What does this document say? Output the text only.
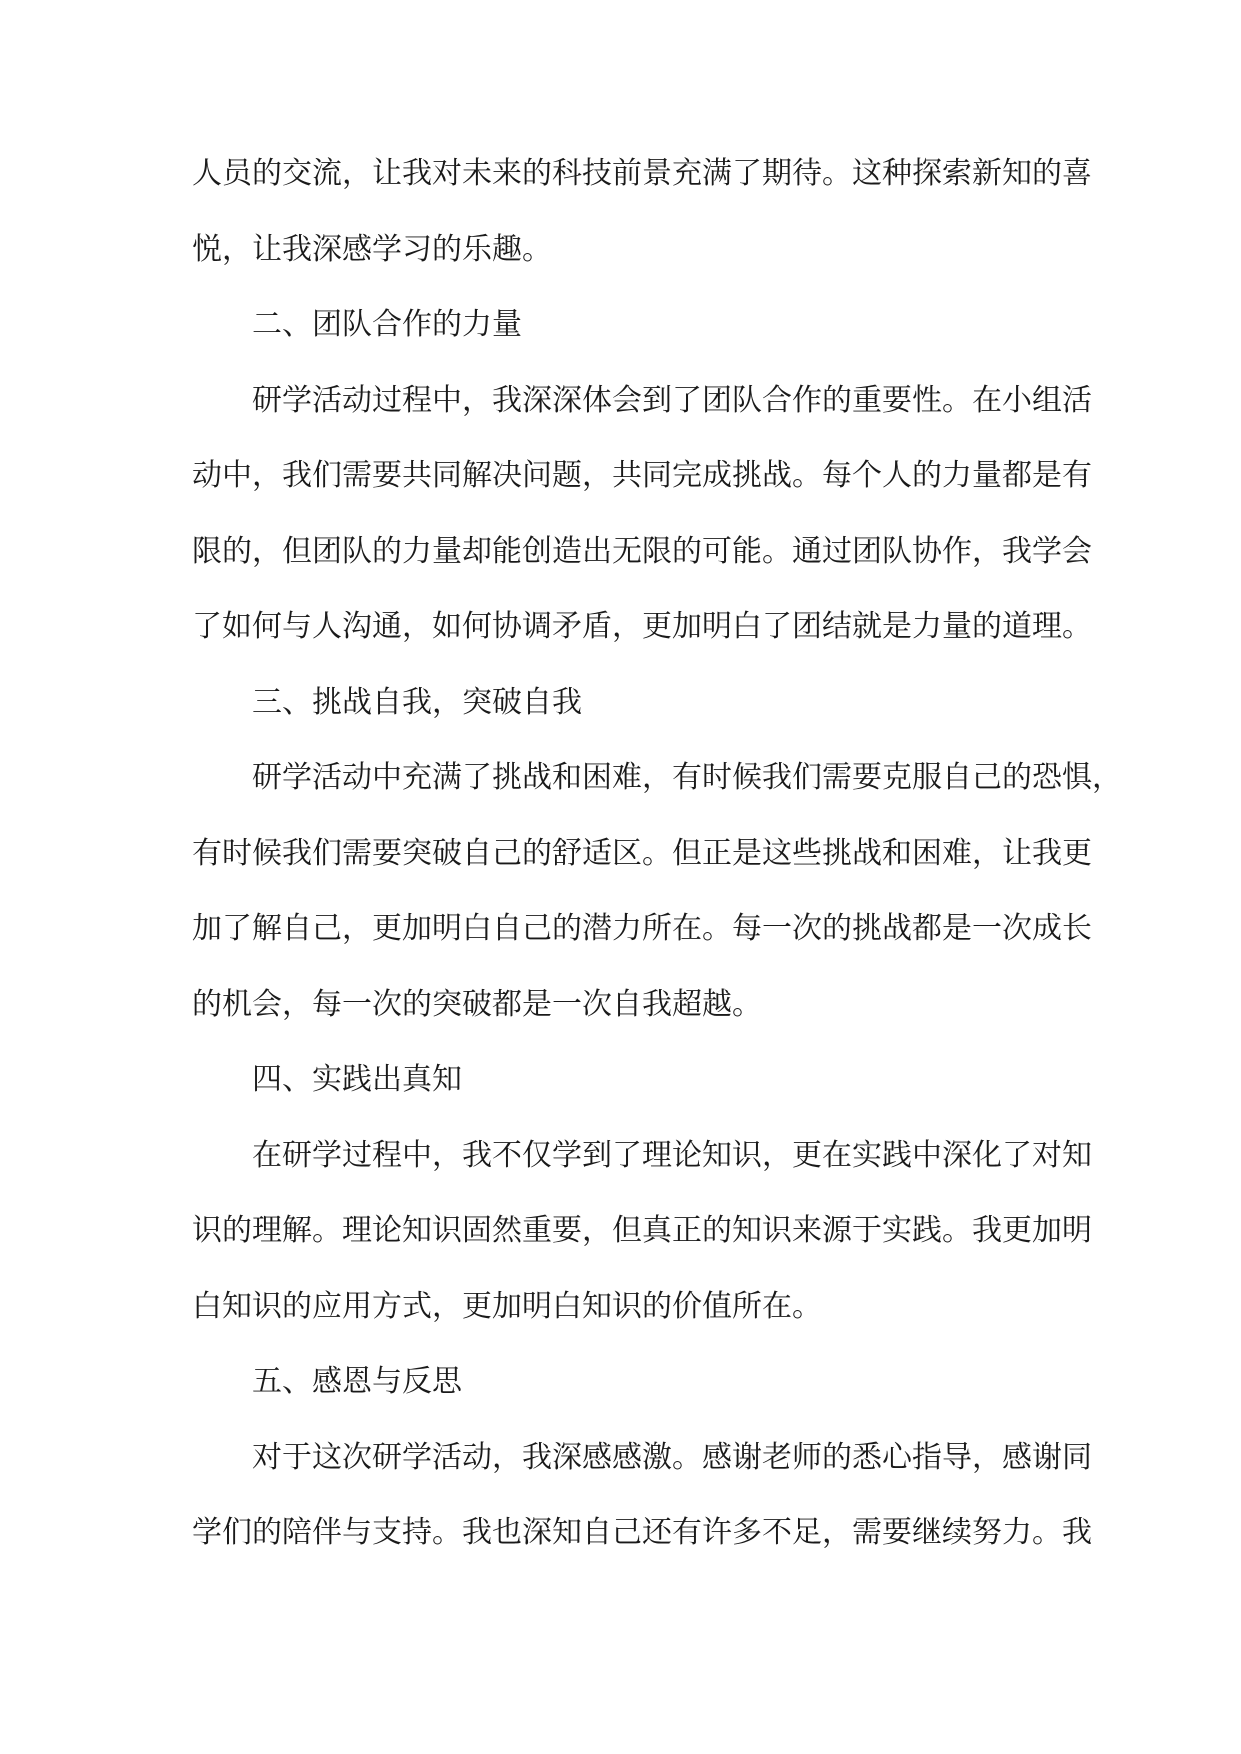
人员的交流，让我对未来的科技前景充满了期待。这种探索新知的喜
悦，让我深感学习的乐趣。
二、团队合作的力量
研学活动过程中，我深深体会到了团队合作的重要性。在小组活
动中，我们需要共同解决问题，共同完成挑战。每个人的力量都是有
限的，但团队的力量却能创造出无限的可能。通过团队协作，我学会
了如何与人沟通，如何协调矛盾，更加明白了团结就是力量的道理。
三、挑战自我，突破自我
研学活动中充满了挑战和困难，有时候我们需要克服自己的恐惧，
有时候我们需要突破自己的舒适区。但正是这些挑战和困难，让我更
加了解自己，更加明白自己的潜力所在。每一次的挑战都是一次成长
的机会，每一次的突破都是一次自我超越。
四、实践出真知
在研学过程中，我不仅学到了理论知识，更在实践中深化了对知
识的理解。理论知识固然重要，但真正的知识来源于实践。我更加明
白知识的应用方式，更加明白知识的价值所在。
五、感恩与反思
对于这次研学活动，我深感感激。感谢老师的悉心指导，感谢同
学们的陪伴与支持。我也深知自己还有许多不足，需要继续努力。我
